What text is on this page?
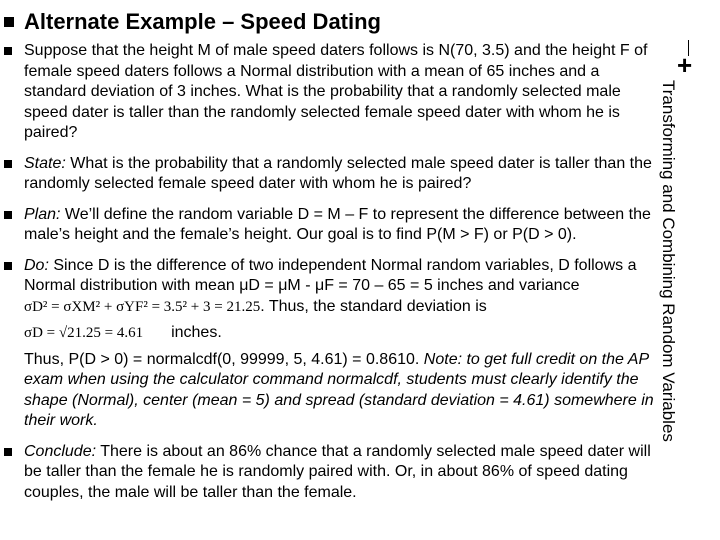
Alternate Example – Speed Dating
+
Transforming and Combining Random Variables
Suppose that the height M of male speed daters follows is N(70, 3.5) and the height F of female speed daters follows a Normal distribution with a mean of 65 inches and a standard deviation of 3 inches. What is the probability that a randomly selected male speed dater is taller than the randomly selected female speed dater with whom he is paired?
State: What is the probability that a randomly selected male speed dater is taller than the randomly selected female speed dater with whom he is paired?
Plan: We’ll define the random variable D = M – F to represent the difference between the male’s height and the female’s height. Our goal is to find P(M > F) or P(D > 0).
Do: Since D is the difference of two independent Normal random variables, D follows a Normal distribution with mean μD = μM - μF = 70 – 65 = 5 inches and variance σD² = σXM² + σYF² = 3.5² + 3 = 21.25. Thus, the standard deviation is
σD = √21.25 = 4.61 inches.
Thus, P(D > 0) = normalcdf(0, 99999, 5, 4.61) = 0.8610. Note: to get full credit on the AP exam when using the calculator command normalcdf, students must clearly identify the shape (Normal), center (mean = 5) and spread (standard deviation = 4.61) somewhere in their work.
Conclude: There is about an 86% chance that a randomly selected male speed dater will be taller than the female he is randomly paired with. Or, in about 86% of speed dating couples, the male will be taller than the female.
